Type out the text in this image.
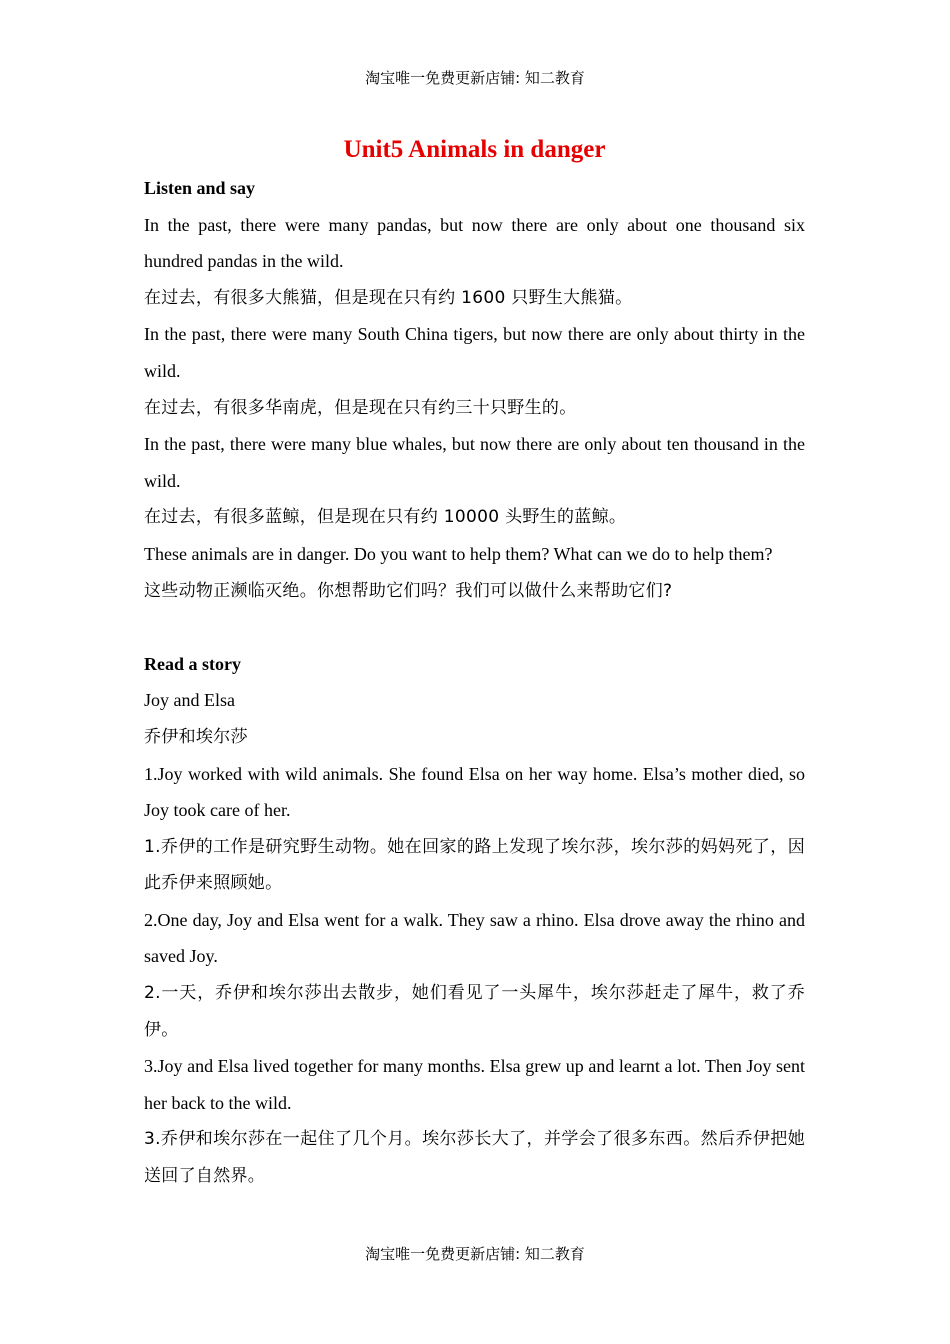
淘宝唯一免费更新店铺: 知二教育
Unit5 Animals in danger

Listen and say

In the past, there were many pandas, but now there are only about one thousand six hundred pandas in the wild.

在过去，有很多大熊猫，但是现在只有约 1600 只野生大熊猫。

In the past, there were many South China tigers, but now there are only about thirty in the wild.

在过去，有很多华南虎，但是现在只有约三十只野生的。

In the past, there were many blue whales, but now there are only about ten thousand in the wild.

在过去，有很多蓝鲸，但是现在只有约 10000 头野生的蓝鲸。

These animals are in danger. Do you want to help them? What can we do to help them?

这些动物正濒临灭绝。你想帮助它们吗？我们可以做什么来帮助它们?

Read a story

Joy and Elsa

乔伊和埃尔莎

1.Joy worked with wild animals. She found Elsa on her way home. Elsa’s mother died, so Joy took care of her.

1.乔伊的工作是研究野生动物。她在回家的路上发现了埃尔莎，埃尔莎的妈妈死了，因此乔伊来照顾她。

2.One day, Joy and Elsa went for a walk. They saw a rhino. Elsa drove away the rhino and saved Joy.

2.一天，乔伊和埃尔莎出去散步，她们看见了一头犀牛，埃尔莎赶走了犀牛，救了乔伊。

3.Joy and Elsa lived together for many months. Elsa grew up and learnt a lot. Then Joy sent her back to the wild.

3.乔伊和埃尔莎在一起住了几个月。埃尔莎长大了，并学会了很多东西。然后乔伊把她送回了自然界。

淘宝唯一免费更新店铺: 知二教育
